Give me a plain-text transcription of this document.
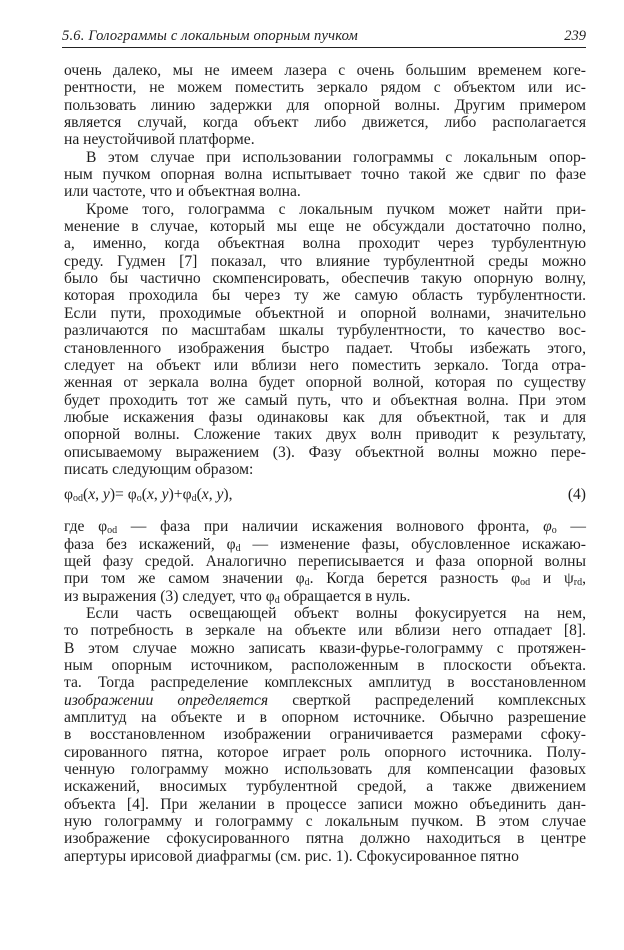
5.6. Голограммы с локальным опорным пучком	239
очень далеко, мы не имеем лазера с очень большим временем коге-
рентности, не можем поместить зеркало рядом с объектом или ис-
пользовать линию задержки для опорной волны. Другим примером
является случай, когда объект либо движется, либо располагается
на неустойчивой платформе.
В этом случае при использовании голограммы с локальным опор-
ным пучком опорная волна испытывает точно такой же сдвиг по фазе
или частоте, что и объектная волна.
Кроме того, голограмма с локальным пучком может найти при-
менение в случае, который мы еще не обсуждали достаточно полно,
а, именно, когда объектная волна проходит через турбулентную
среду. Гудмен [7] показал, что влияние турбулентной среды можно
было бы частично скомпенсировать, обеспечив такую опорную волну,
которая проходила бы через ту же самую область турбулентности.
Если пути, проходимые объектной и опорной волнами, значительно
различаются по масштабам шкалы турбулентности, то качество вос-
становленного изображения быстро падает. Чтобы избежать этого,
следует на объект или вблизи него поместить зеркало. Тогда отра-
женная от зеркала волна будет опорной волной, которая по существу
будет проходить тот же самый путь, что и объектная волна. При этом
любые искажения фазы одинаковы как для объектной, так и для
опорной волны. Сложение таких двух волн приводит к результату,
описываемому выражением (3). Фазу объектной волны можно пере-
писать следующим образом:
$\varphi_{od}(x$, $y)= \varphi_o(x$, $y)+\varphi_d(x$, y),	(4)
где $\varphi_{od}$ — фаза при наличии искажения волнового фронта, $\varphi_o$ —
фаза без искажений, $\varphi_d$ — изменение фазы, обусловленное искажаю-
щей фазу средой. Аналогично переписывается и фаза опорной волны
при том же самом значении $\varphi_d$. Когда берется разность $\varphi_{od}$ и $\psi_{rd}$,
из выражения (3) следует, что $\varphi_d$ обращается в нуль.
Если часть освещающей объект волны фокусируется на нем,
то потребность в зеркале на объекте или вблизи него отпадает [8].
В этом случае можно записать квази-фурье-голограмму с протяжен-
ным опорным источником, расположенным в плоскости объекта.
та. Тогда распределение комплексных амплитуд в восстановленном
изображении определяется сверткой распределений комплексных
амплитуд на объекте и в опорном источнике. Обычно разрешение
в восстановленном изображении ограничивается размерами сфоку-
сированного пятна, которое играет роль опорного источника. Полу-
ченную голограмму можно использовать для компенсации фазовых
искажений, вносимых турбулентной средой, а также движением
объекта [4]. При желании в процессе записи можно объединить дан-
ную голограмму и голограмму с локальным пучком. В этом случае
изображение сфокусированного пятна должно находиться в центре
апертуры ирисовой диафрагмы (см. рис. 1). Сфокусированное пятно
